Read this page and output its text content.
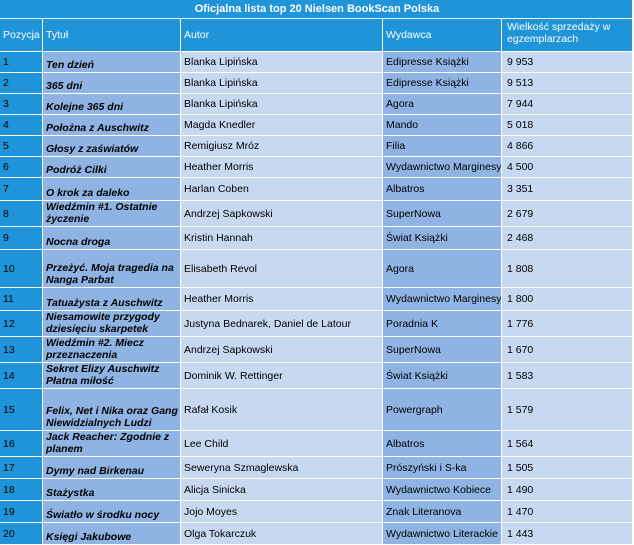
Oficjalna lista top 20 Nielsen BookScan Polska				
Pozycja	Tytuł	Autor	Wydawca	Wielkość sprzedaży w egzemplarzach
1	Ten dzień	Blanka Lipińska	Edipresse Książki	9 953
2	365 dni	Blanka Lipińska	Edipresse Książki	9 513
3	Kolejne 365 dni	Blanka Lipińska	Agora	7 944
4	Położna z Auschwitz	Magda Knedler	Mando	5 018
5	Głosy z zaświatów	Remigiusz Mróz	Filia	4 866
6	Podróż Cilki	Heather Morris	Wydawnictwo Marginesy	4 500
7	O krok za daleko	Harlan Coben	Albatros	3 351
8	Wiedźmin #1. Ostatnie życzenie	Andrzej Sapkowski	SuperNowa	2 679
9	Nocna droga	Kristin Hannah	Świat Książki	2 468
10	Przeżyć. Moja tragedia na Nanga Parbat	Elisabeth Revol	Agora	1 808
11	Tatuażysta z Auschwitz	Heather Morris	Wydawnictwo Marginesy	1 800
12	Niesamowite przygody dziesięciu skarpetek	Justyna Bednarek, Daniel de Latour	Poradnia K	1 776
13	Wiedźmin #2. Miecz przeznaczenia	Andrzej Sapkowski	SuperNowa	1 670
14	Sekret Elizy Auschwitz Płatna miłość	Dominik W. Rettinger	Świat Książki	1 583
15	Felix, Net i Nika oraz Gang Niewidzialnych Ludzi	Rafał Kosik	Powergraph	1 579
16	Jack Reacher: Zgodnie z planem	Lee Child	Albatros	1 564
17	Dymy nad Birkenau	Seweryna Szmaglewska	Prószyński i S-ka	1 505
18	Stażystka	Alicja Sinicka	Wydawnictwo Kobiece	1 490
19	Światło w środku nocy	Jojo Moyes	Znak Literanova	1 470
20	Księgi Jakubowe	Olga Tokarczuk	Wydawnictwo Literackie	1 443
